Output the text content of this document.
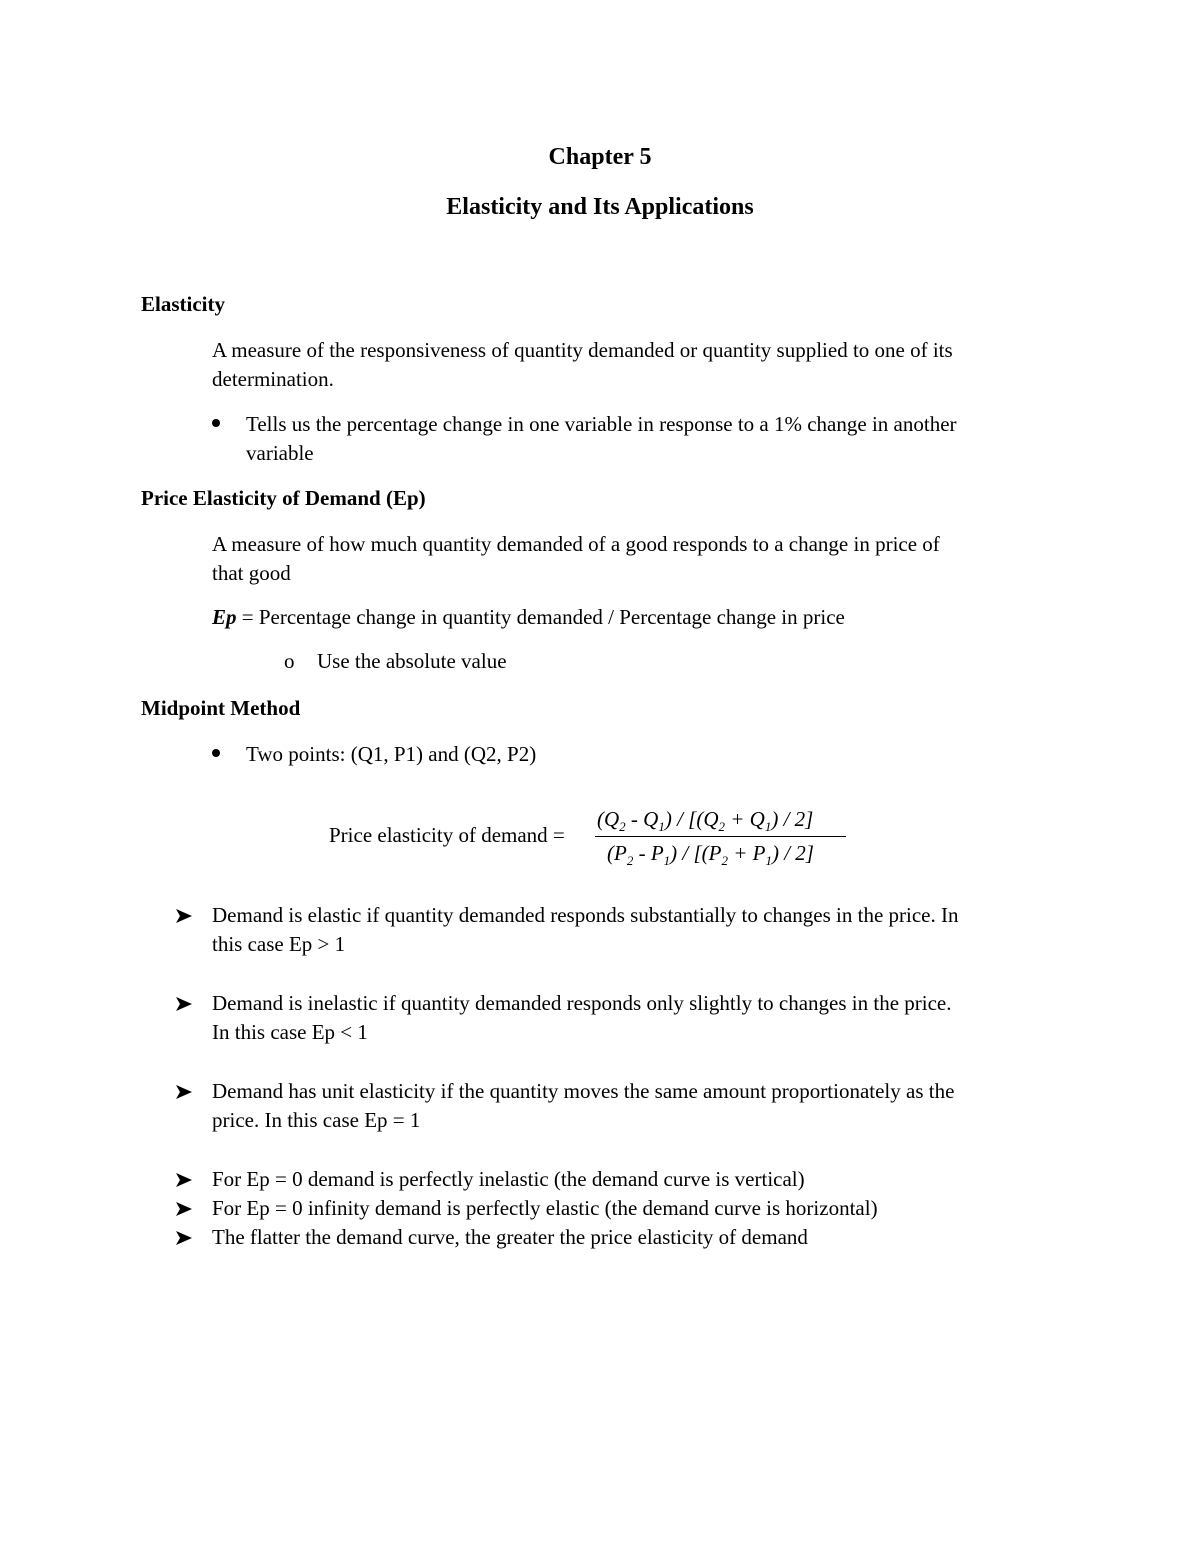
Chapter 5
Elasticity and Its Applications
Elasticity
A measure of the responsiveness of quantity demanded or quantity supplied to one of its
determination.
Tells us the percentage change in one variable in response to a 1% change in another
variable
Price Elasticity of Demand (Ep)
A measure of how much quantity demanded of a good responds to a change in price of
that good
Ep = Percentage change in quantity demanded / Percentage change in price
o Use the absolute value
Midpoint Method
Two points: (Q1, P1) and (Q2, P2)
Price elasticity of demand =
$(Q_2 - Q_1) / [(Q_2 + Q_1) / 2]$
$(P_2 - P_1) / [(P_2 + P_1) / 2]$
Demand is elastic if quantity demanded responds substantially to changes in the price. In
this case Ep > 1
Demand is inelastic if quantity demanded responds only slightly to changes in the price.
In this case Ep < 1
Demand has unit elasticity if the quantity moves the same amount proportionately as the
price. In this case Ep = 1
For Ep = 0 demand is perfectly inelastic (the demand curve is vertical)
For Ep = 0 infinity demand is perfectly elastic (the demand curve is horizontal)
The flatter the demand curve, the greater the price elasticity of demand
